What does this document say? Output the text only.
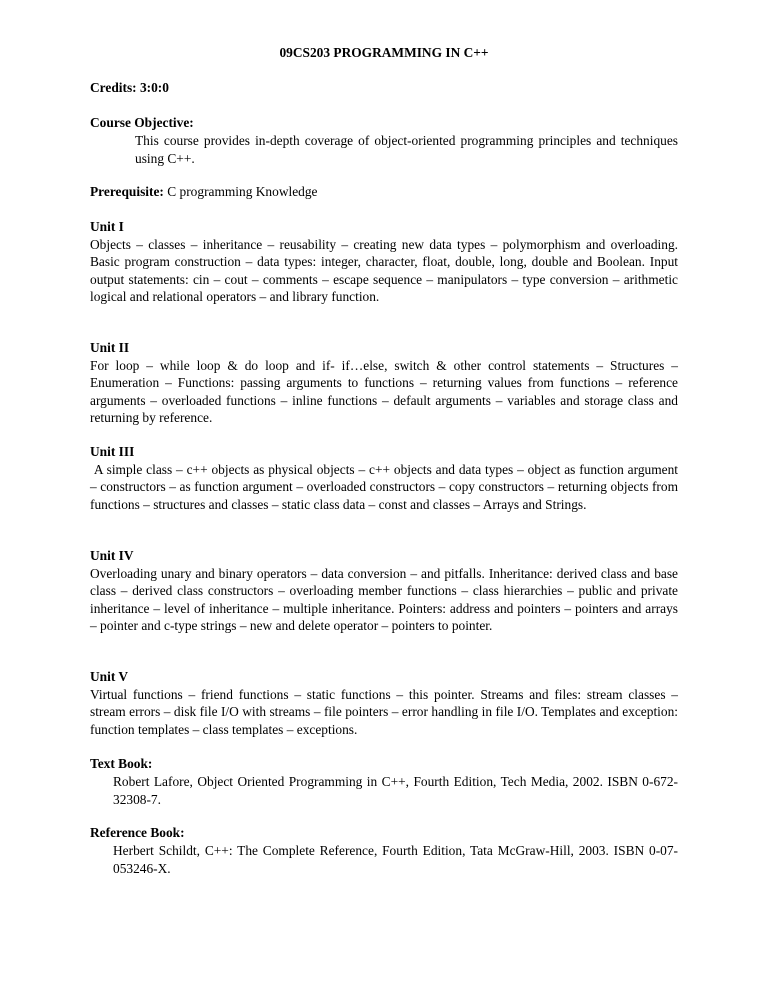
09CS203 PROGRAMMING IN C++
Credits: 3:0:0
Course Objective:
This course provides in-depth coverage of object-oriented programming principles and techniques using C++.
Prerequisite: C programming Knowledge
Unit I
Objects – classes – inheritance – reusability – creating new data types – polymorphism and overloading. Basic program construction – data types: integer, character, float, double, long, double and Boolean. Input output statements: cin – cout – comments – escape sequence – manipulators – type conversion – arithmetic logical and relational operators – and library function.
Unit II
For loop – while loop & do loop and if- if…else, switch & other control statements – Structures – Enumeration – Functions: passing arguments to functions – returning values from functions – reference arguments – overloaded functions – inline functions – default arguments – variables and storage class and returning by reference.
Unit III
A simple class – c++ objects as physical objects – c++ objects and data types – object as function argument – constructors – as function argument – overloaded constructors – copy constructors – returning objects from functions – structures and classes – static class data – const and classes – Arrays and Strings.
Unit IV
Overloading unary and binary operators – data conversion – and pitfalls. Inheritance: derived class and base class – derived class constructors – overloading member functions – class hierarchies – public and private inheritance – level of inheritance – multiple inheritance. Pointers: address and pointers – pointers and arrays – pointer and c-type strings – new and delete operator – pointers to pointer.
Unit V
Virtual functions – friend functions – static functions – this pointer. Streams and files: stream classes – stream errors – disk file I/O with streams – file pointers – error handling in file I/O. Templates and exception: function templates – class templates – exceptions.
Text Book:
Robert Lafore, Object Oriented Programming in C++, Fourth Edition, Tech Media, 2002. ISBN 0-672-32308-7.
Reference Book:
Herbert Schildt, C++: The Complete Reference, Fourth Edition, Tata McGraw-Hill, 2003. ISBN 0-07-053246-X.
